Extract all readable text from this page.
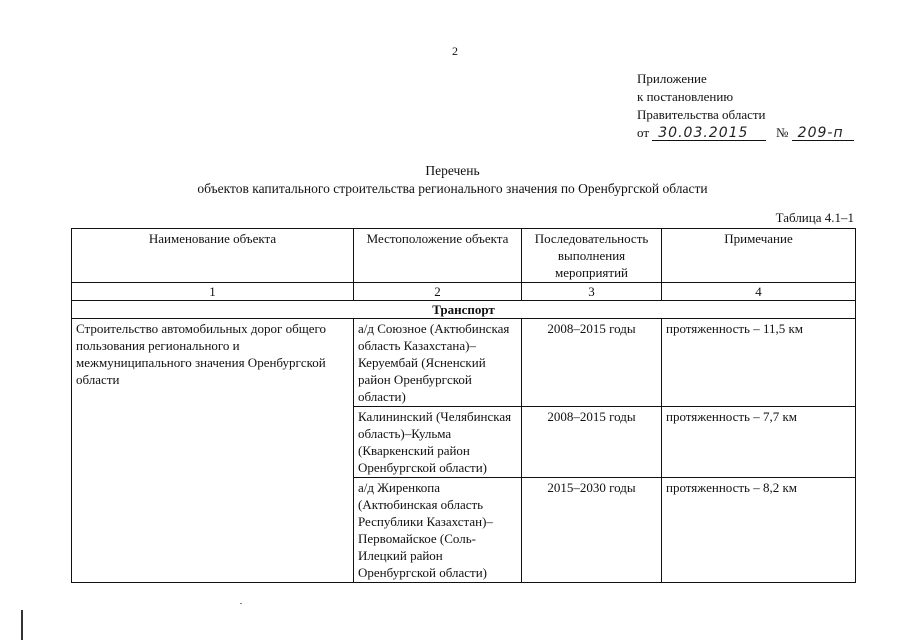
2
Приложение
к постановлению
Правительства области
от 30.03.2015 № 209-п
Перечень
объектов капитального строительства регионального значения по Оренбургской области
Таблица 4.1–1
Наименование объекта	Местоположение объекта	Последовательность выполнения мероприятий	Примечание
1	2	3	4
Транспорт			
Строительство автомобильных дорог общего пользования регионального и межмуниципального значения Оренбургской области	а/д Союзное (Актюбинская область Казахстана)–Керуембай (Ясненский район Оренбургской области)	2008–2015 годы	протяженность – 11,5 км
	Калининский (Челябинская область)–Кульма (Кваркенский район Оренбургской области)	2008–2015 годы	протяженность – 7,7 км
	а/д Жиренкопа (Актюбинская область Республики Казахстан)–Первомайское (Соль-Илецкий район Оренбургской области)	2015–2030 годы	протяженность – 8,2 км
